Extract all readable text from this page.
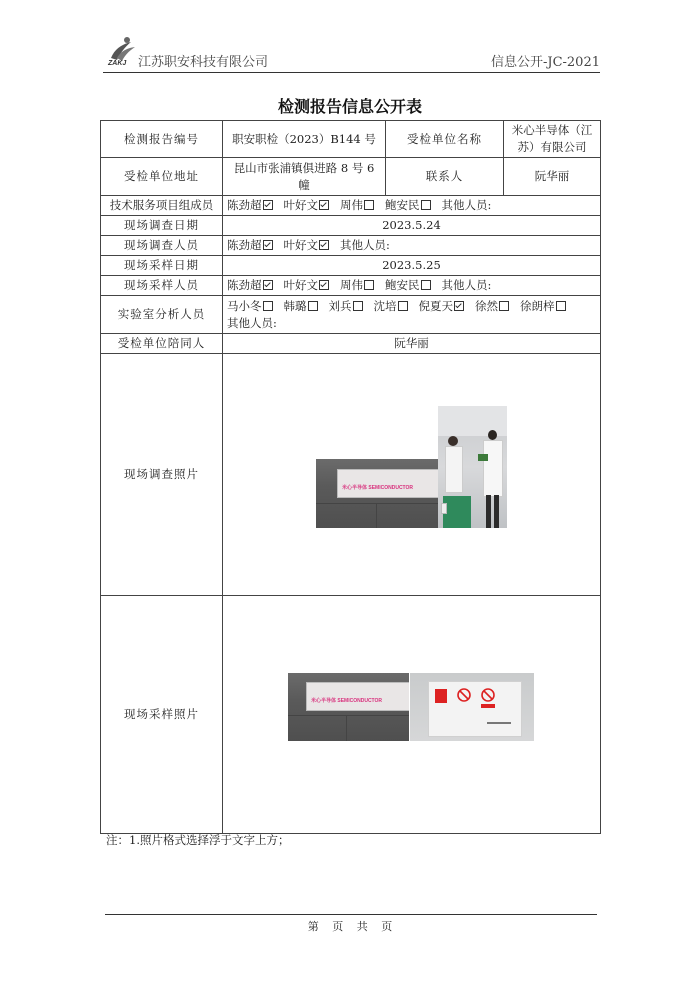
ZAKJ 江苏职安科技有限公司	信息公开-JC-2021
检测报告信息公开表
检测报告编号	职安职检（2023）B144 号	受检单位名称	米心半导体（江苏）有限公司
受检单位地址	昆山市张浦镇俱进路 8 号 6 幢	联系人	阮华丽
技术服务项目组成员	陈劲超 叶好文 周伟 鲍安民 其他人员:		
现场调查日期	2023.5.24		
现场调查人员	陈劲超 叶好文 其他人员:		
现场采样日期	2023.5.25		
现场采样人员	陈劲超 叶好文 周伟 鲍安民 其他人员:		
实验室分析人员	马小冬 韩璐 刘兵 沈培 倪夏天 徐然 徐朗梓
其他人员:		
受检单位陪同人	阮华丽		
现场调查照片			
现场采样照片			
米心半导体 SEMICONDUCTOR
米心半导体 SEMICONDUCTOR
注：1.照片格式选择浮于文字上方；
第 页 共 页
